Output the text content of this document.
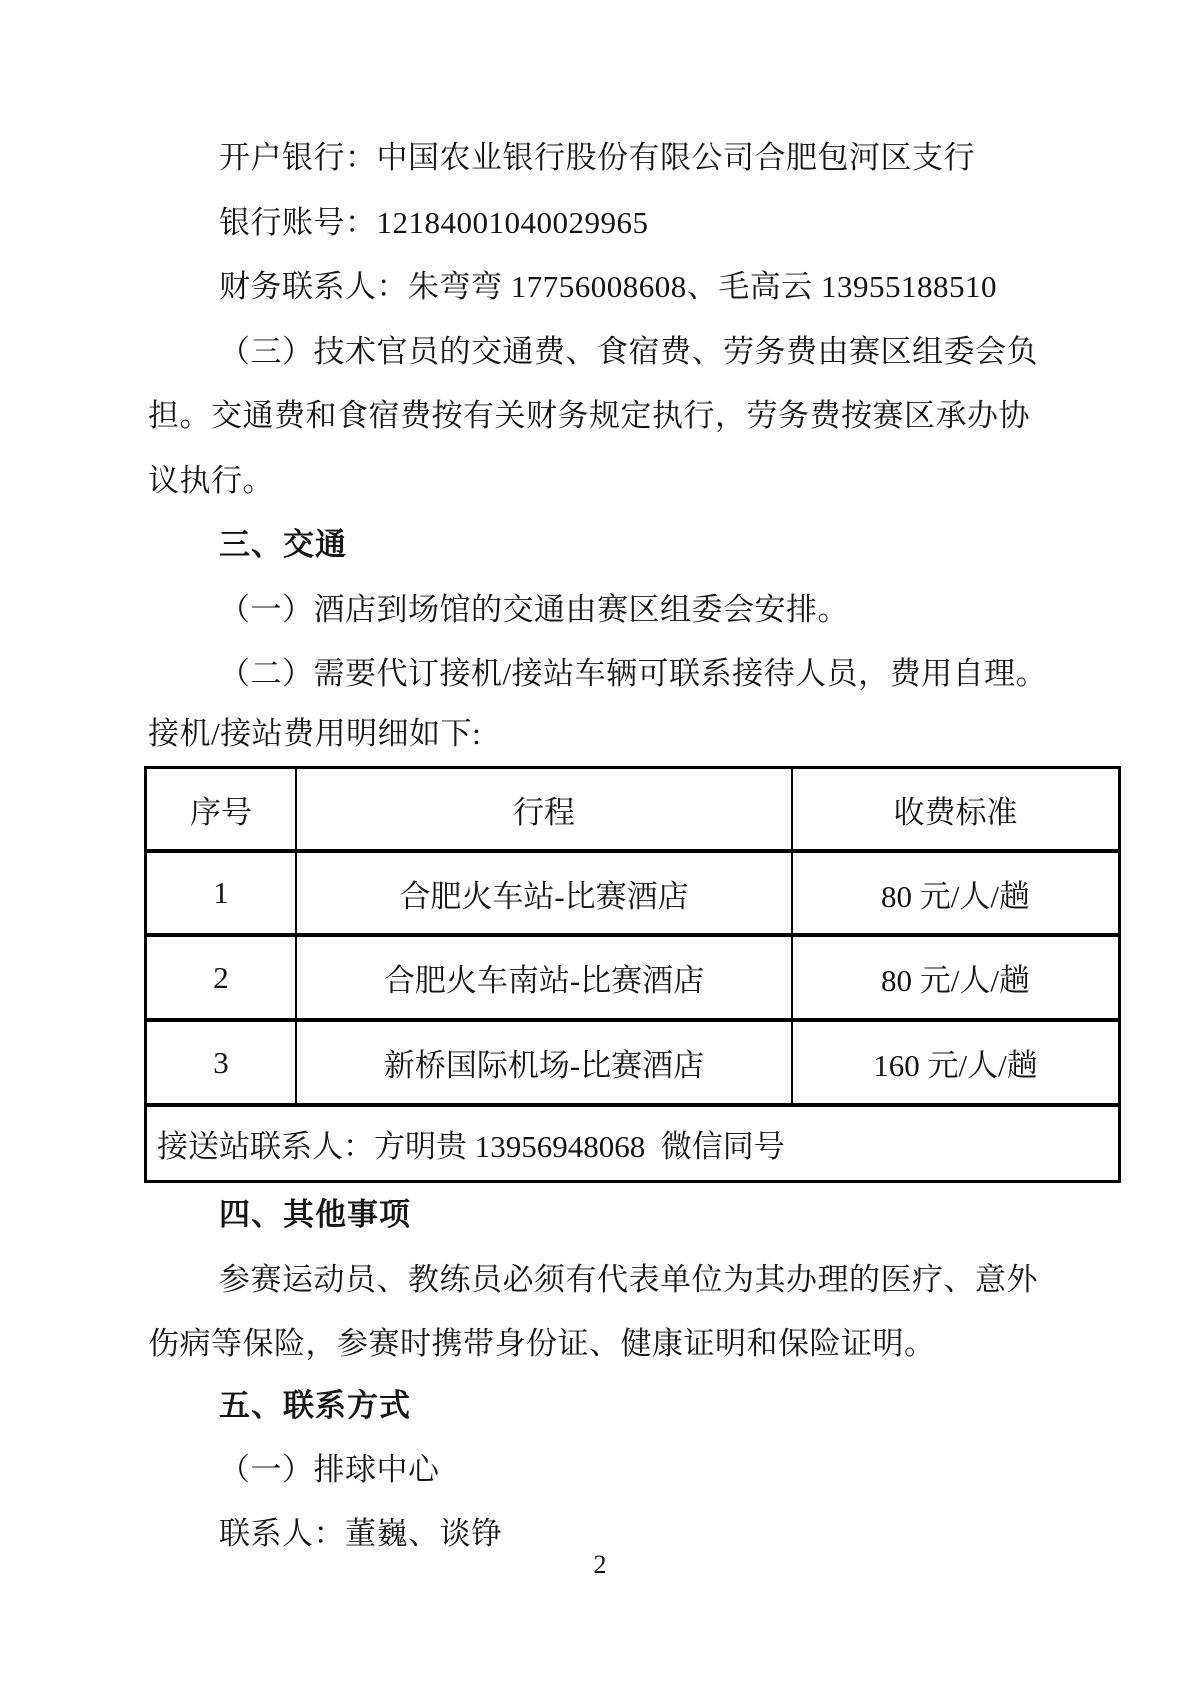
开户银行：中国农业银行股份有限公司合肥包河区支行
银行账号：12184001040029965
财务联系人：朱弯弯 17756008608、毛高云 13955188510
（三）技术官员的交通费、食宿费、劳务费由赛区组委会负
担。交通费和食宿费按有关财务规定执行，劳务费按赛区承办协
议执行。
三、交通
（一）酒店到场馆的交通由赛区组委会安排。
（二）需要代订接机/接站车辆可联系接待人员，费用自理。
接机/接站费用明细如下:
序号	行程	收费标准
1	合肥火车站-比赛酒店	80 元/人/趟
2	合肥火车南站-比赛酒店	80 元/人/趟
3	新桥国际机场-比赛酒店	160 元/人/趟
接送站联系人：方明贵 13956948068  微信同号
四、其他事项
参赛运动员、教练员必须有代表单位为其办理的医疗、意外
伤病等保险，参赛时携带身份证、健康证明和保险证明。
五、联系方式
（一）排球中心
联系人：董巍、谈铮
2
